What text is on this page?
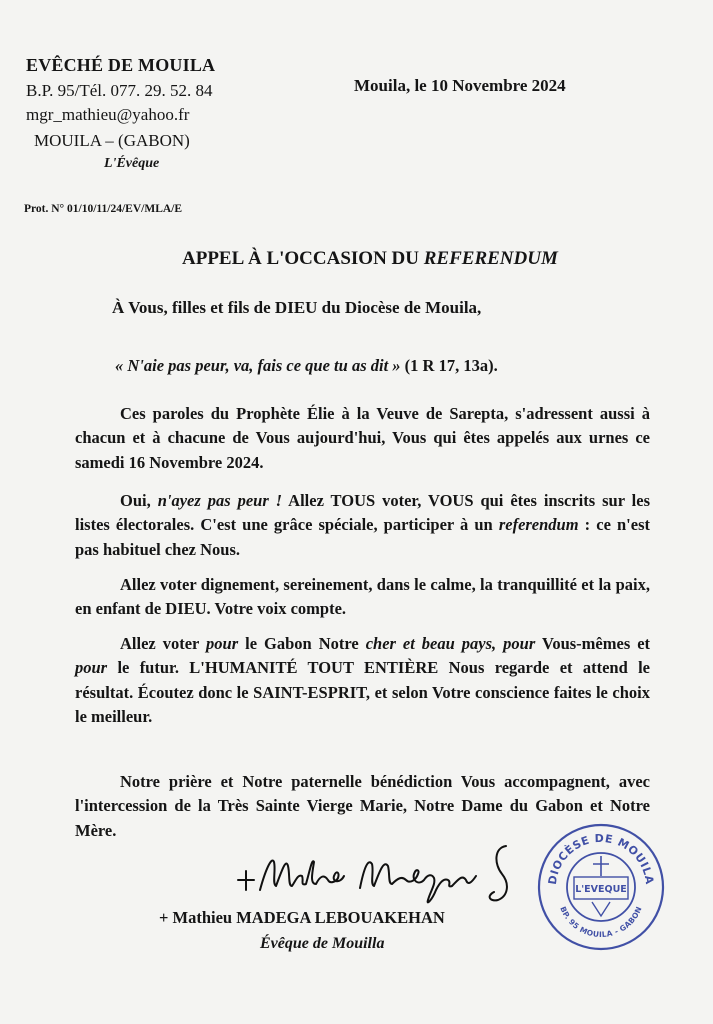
EVÊCHÉ DE MOUILA
B.P. 95/Tél. 077. 29. 52. 84
mgr_mathieu@yahoo.fr
MOUILA – (GABON)
L'Évêque
Mouila, le 10 Novembre 2024
Prot. N° 01/10/11/24/EV/MLA/E
APPEL À L'OCCASION DU REFERENDUM
À Vous, filles et fils de DIEU du Diocèse de Mouila,
« N'aie pas peur, va, fais ce que tu as dit » (1 R 17, 13a).

Ces paroles du Prophète Élie à la Veuve de Sarepta, s'adressent aussi à chacun et à chacune de Vous aujourd'hui, Vous qui êtes appelés aux urnes ce samedi 16 Novembre 2024.

Oui, n'ayez pas peur ! Allez TOUS voter, VOUS qui êtes inscrits sur les listes électorales. C'est une grâce spéciale, participer à un referendum : ce n'est pas habituel chez Nous.

Allez voter dignement, sereinement, dans le calme, la tranquillité et la paix, en enfant de DIEU. Votre voix compte.

Allez voter pour le Gabon Notre cher et beau pays, pour Vous-mêmes et pour le futur. L'HUMANITÉ TOUT ENTIÈRE Nous regarde et attend le résultat. Écoutez donc le SAINT-ESPRIT, et selon Votre conscience faites le choix le meilleur.

Notre prière et Notre paternelle bénédiction Vous accompagnent, avec l'intercession de la Très Sainte Vierge Marie, Notre Dame du Gabon et Notre Mère.

+ Mathieu MADEGA LEBOUAKEHAN
Évêque de Mouilla
DIOCÈSE DE MOUILA
L'EVEQUE
BP. 95 MOUILA - GABON
